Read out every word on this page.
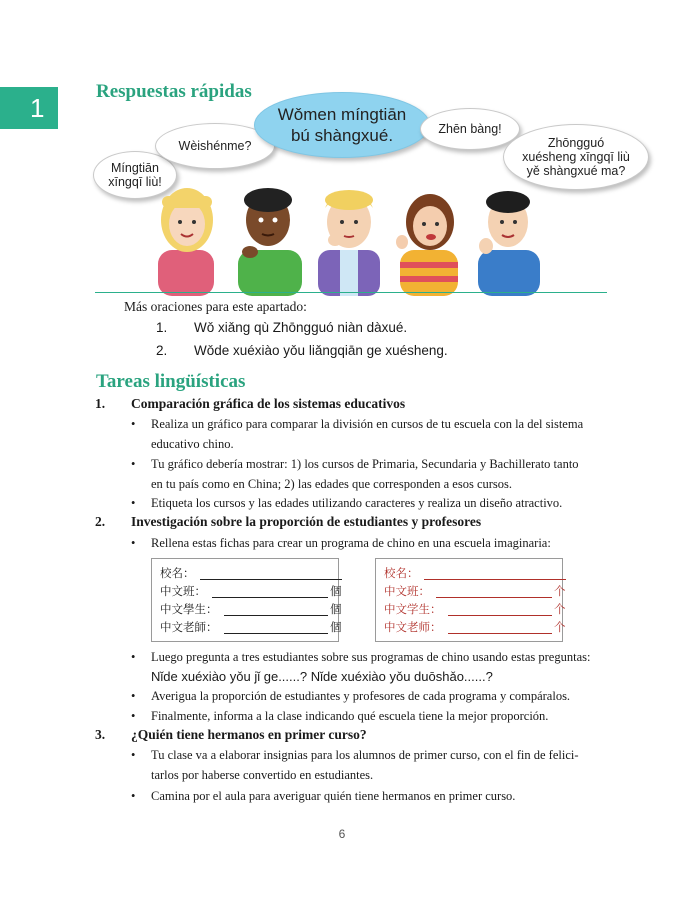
1
Respuestas rápidas
Míngtiān
xīngqī liù!
Wèishénme?
Wǒmen míngtiān
bú shàngxué.	Zhēn bàng!
Zhōngguó
xuésheng xīngqī liù
yě shàngxué ma?
Más oraciones para este apartado:
1. Wǒ xiǎng qù Zhōngguó niàn dàxué.
2. Wǒde xuéxiào yǒu liǎngqiān ge xuésheng.
Tareas lingüísticas
1. Comparación gráfica de los sistemas educativos
• Realiza un gráfico para comparar la división en cursos de tu escuela con la del sistema
educativo chino.
• Tu gráfico debería mostrar: 1) los cursos de Primaria, Secundaria y Bachillerato tanto
en tu país como en China; 2) las edades que corresponden a esos cursos.
• Etiqueta los cursos y las edades utilizando caracteres y realiza un diseño atractivo.
2. Investigación sobre la proporción de estudiantes y profesores
• Rellena estas fichas para crear un programa de chino en una escuela imaginaria:
校名：
中文班：	個
中文學生：	個
中文老師：	個
校名：
中文班：	个
中文学生：	个
中文老师：	个
• Luego pregunta a tres estudiantes sobre sus programas de chino usando estas preguntas:
Nǐde xuéxiào yǒu jǐ ge......? Nǐde xuéxiào yǒu duōshǎo......?
• Averigua la proporción de estudiantes y profesores de cada programa y compáralos.
• Finalmente, informa a la clase indicando qué escuela tiene la mejor proporción.
3. ¿Quién tiene hermanos en primer curso?
• Tu clase va a elaborar insignias para los alumnos de primer curso, con el fin de felici-
tarlos por haberse convertido en estudiantes.
• Camina por el aula para averiguar quién tiene hermanos en primer curso.
6
